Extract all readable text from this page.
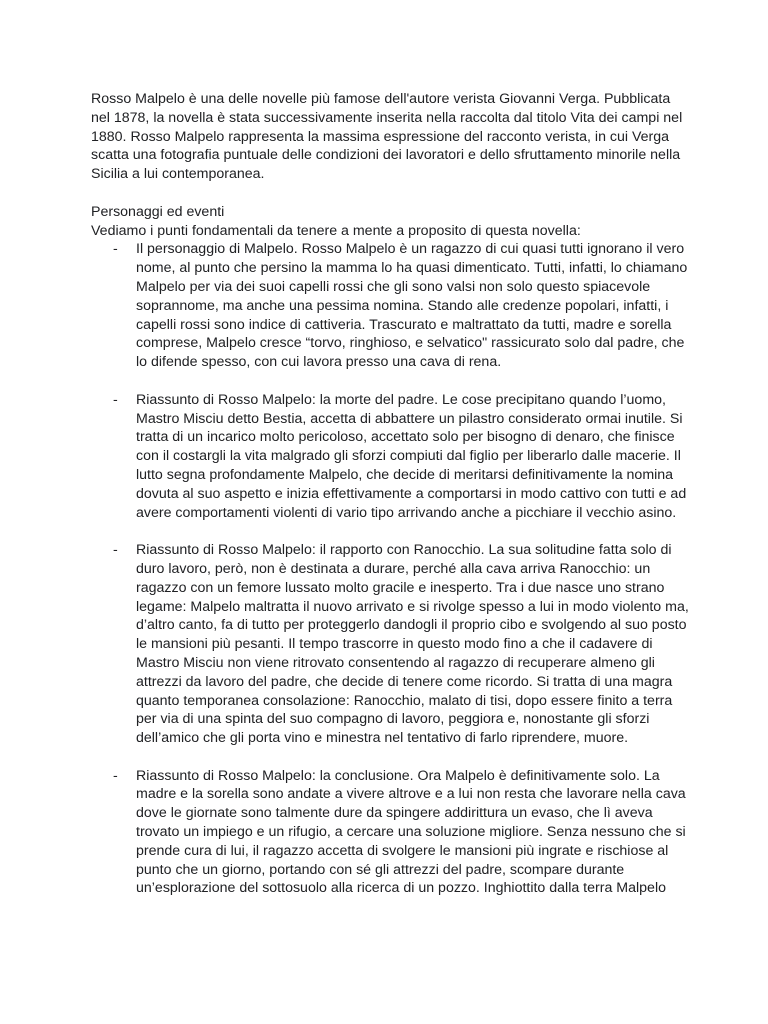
Rosso Malpelo è una delle novelle più famose dell'autore verista Giovanni Verga. Pubblicata nel 1878, la novella è stata successivamente inserita nella raccolta dal titolo Vita dei campi nel 1880. Rosso Malpelo rappresenta la massima espressione del racconto verista, in cui Verga scatta una fotografia puntuale delle condizioni dei lavoratori e dello sfruttamento minorile nella Sicilia a lui contemporanea.

Personaggi ed eventi

Vediamo i punti fondamentali da tenere a mente a proposito di questa novella:

- Il personaggio di Malpelo. Rosso Malpelo è un ragazzo di cui quasi tutti ignorano il vero nome, al punto che persino la mamma lo ha quasi dimenticato. Tutti, infatti, lo chiamano Malpelo per via dei suoi capelli rossi che gli sono valsi non solo questo spiacevole soprannome, ma anche una pessima nomina. Stando alle credenze popolari, infatti, i capelli rossi sono indice di cattiveria. Trascurato e maltrattato da tutti, madre e sorella comprese, Malpelo cresce “torvo, ringhioso, e selvatico" rassicurato solo dal padre, che lo difende spesso, con cui lavora presso una cava di rena.
- Riassunto di Rosso Malpelo: la morte del padre. Le cose precipitano quando l’uomo, Mastro Misciu detto Bestia, accetta di abbattere un pilastro considerato ormai inutile. Si tratta di un incarico molto pericoloso, accettato solo per bisogno di denaro, che finisce con il costargli la vita malgrado gli sforzi compiuti dal figlio per liberarlo dalle macerie. Il lutto segna profondamente Malpelo, che decide di meritarsi definitivamente la nomina dovuta al suo aspetto e inizia effettivamente a comportarsi in modo cattivo con tutti e ad avere comportamenti violenti di vario tipo arrivando anche a picchiare il vecchio asino.
- Riassunto di Rosso Malpelo: il rapporto con Ranocchio. La sua solitudine fatta solo di duro lavoro, però, non è destinata a durare, perché alla cava arriva Ranocchio: un ragazzo con un femore lussato molto gracile e inesperto. Tra i due nasce uno strano legame: Malpelo maltratta il nuovo arrivato e si rivolge spesso a lui in modo violento ma, d’altro canto, fa di tutto per proteggerlo dandogli il proprio cibo e svolgendo al suo posto le mansioni più pesanti. Il tempo trascorre in questo modo fino a che il cadavere di Mastro Misciu non viene ritrovato consentendo al ragazzo di recuperare almeno gli attrezzi da lavoro del padre, che decide di tenere come ricordo. Si tratta di una magra quanto temporanea consolazione: Ranocchio, malato di tisi, dopo essere finito a terra per via di una spinta del suo compagno di lavoro, peggiora e, nonostante gli sforzi dell’amico che gli porta vino e minestra nel tentativo di farlo riprendere, muore.
- Riassunto di Rosso Malpelo: la conclusione. Ora Malpelo è definitivamente solo. La madre e la sorella sono andate a vivere altrove e a lui non resta che lavorare nella cava dove le giornate sono talmente dure da spingere addirittura un evaso, che lì aveva trovato un impiego e un rifugio, a cercare una soluzione migliore. Senza nessuno che si prende cura di lui, il ragazzo accetta di svolgere le mansioni più ingrate e rischiose al punto che un giorno, portando con sé gli attrezzi del padre, scompare durante un’esplorazione del sottosuolo alla ricerca di un pozzo. Inghiottito dalla terra Malpelo
